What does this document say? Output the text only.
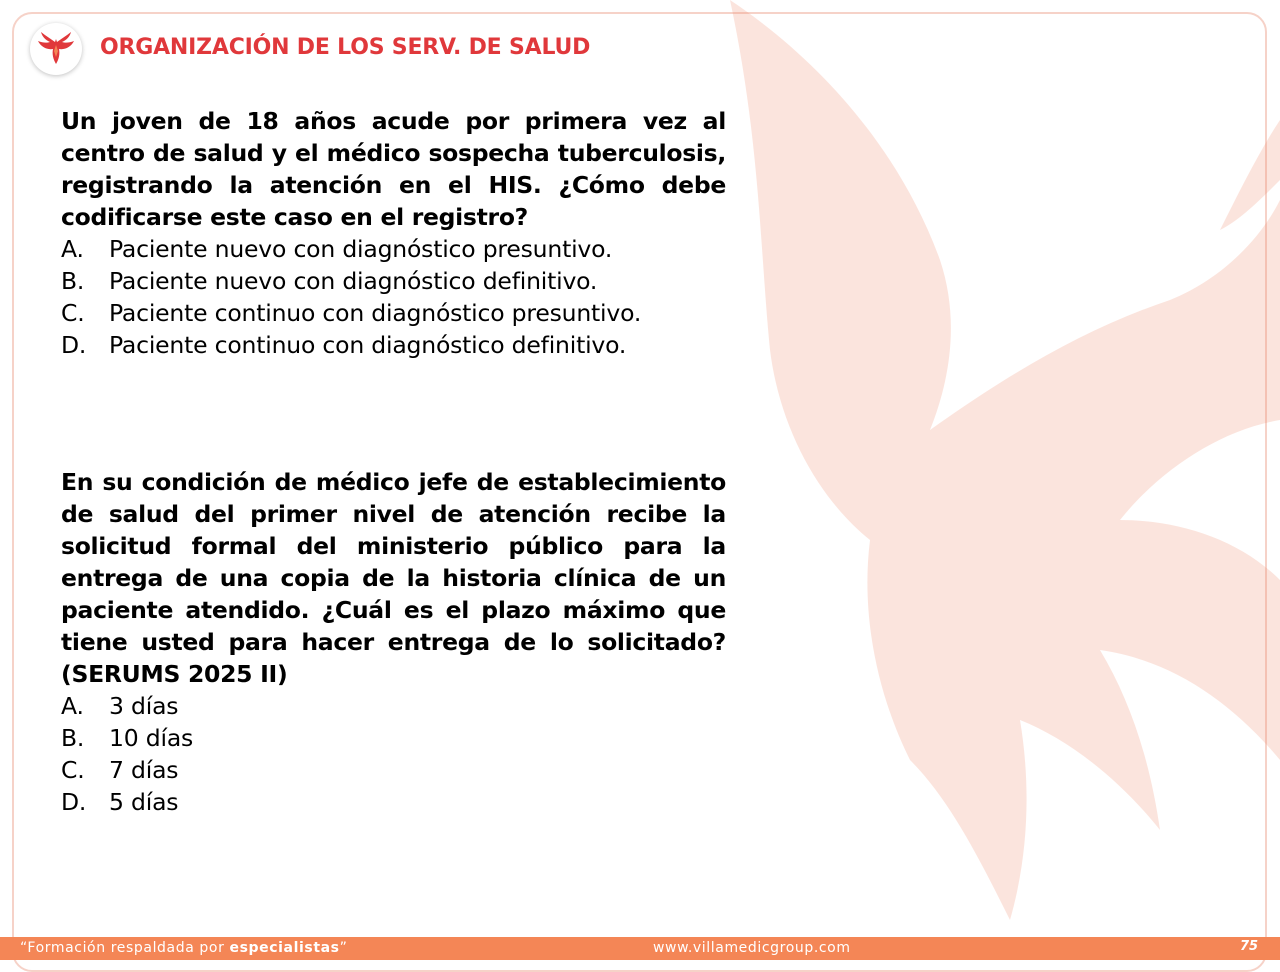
ORGANIZACIÓN DE LOS SERV. DE SALUD
Un joven de 18 años acude por primera vez al centro de salud y el médico sospecha tuberculosis, registrando la atención en el HIS. ¿Cómo debe codificarse este caso en el registro?
A.	Paciente nuevo con diagnóstico presuntivo.
B.	Paciente nuevo con diagnóstico definitivo.
C.	Paciente continuo con diagnóstico presuntivo.
D. Paciente continuo con diagnóstico definitivo.
En su condición de médico jefe de establecimiento de salud del primer nivel de atención recibe la solicitud formal del ministerio público para la entrega de una copia de la historia clínica de un paciente atendido. ¿Cuál es el plazo máximo que tiene usted para hacer entrega de lo solicitado? (SERUMS 2025 II)
A.	3 días
B.	10 días
C.	7 días
D. 5 días
“Formación respaldada por especialistas”	www.villamedicgroup.com	75
